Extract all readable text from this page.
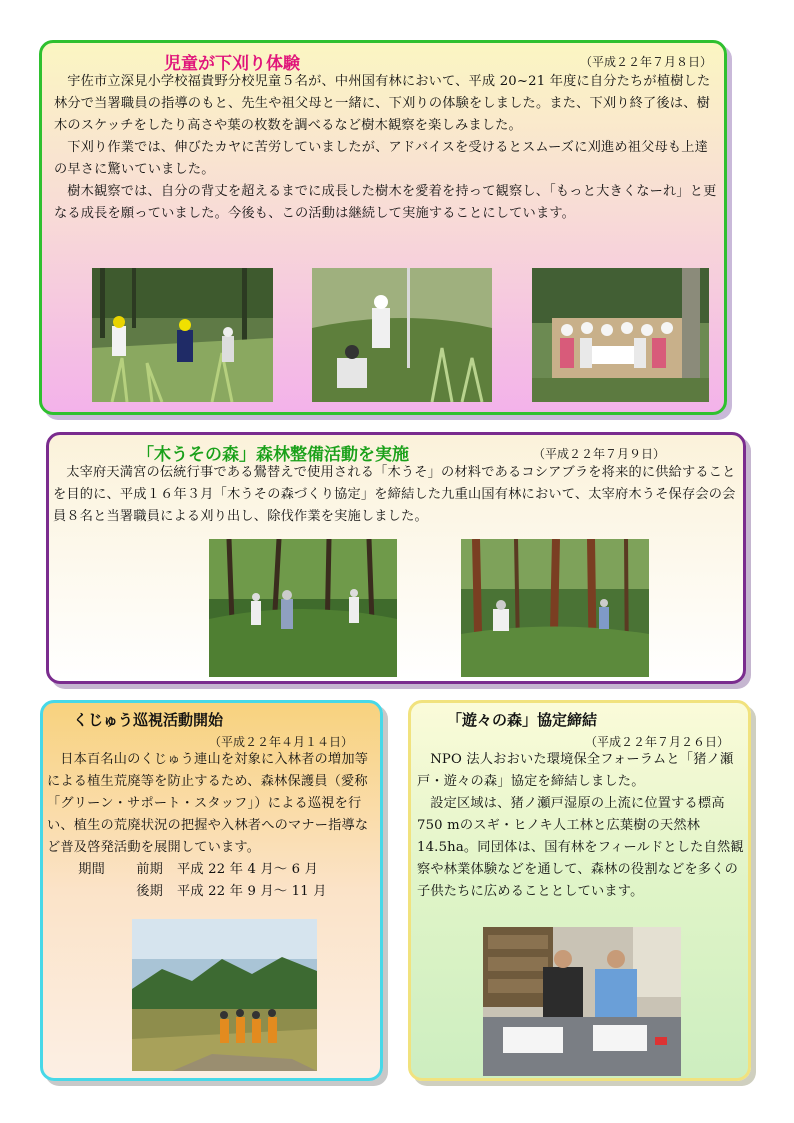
児童が下刈り体験	（平成２２年７月８日）

宇佐市立深見小学校福貴野分校児童５名が、中州国有林において、平成 20~21 年度に自分たちが植樹した林分で当署職員の指導のもと、先生や祖父母と一緒に、下刈りの体験をしました。また、下刈り終了後は、樹木のスケッチをしたり高さや葉の枚数を調べるなど樹木観察を楽しみました。

下刈り作業では、伸びたカヤに苦労していましたが、アドバイスを受けるとスムーズに刈進め祖父母も上達の早さに驚いていました。

樹木観察では、自分の背丈を超えるまでに成長した樹木を愛着を持って観察し、「もっと大きくなーれ」と更なる成長を願っていました。今後も、この活動は継続して実施することにしています。

「木うその森」森林整備活動を実施	（平成２２年７月９日）

太宰府天満宮の伝統行事である鷽替えで使用される「木うそ」の材料であるコシアブラを将来的に供給することを目的に、平成１６年３月「木うその森づくり協定」を締結した九重山国有林において、太宰府木うそ保存会の会員８名と当署職員による刈り出し、除伐作業を実施しました。

くじゅう巡視活動開始
（平成２２年４月１４日）

日本百名山のくじゅう連山を対象に入林者の増加等による植生荒廃等を防止するため、森林保護員（愛称「グリーン・サポート・スタッフ」）による巡視を行い、植生の荒廃状況の把握や入林者へのマナー指導など普及啓発活動を展開しています。

期間	前期 平成 22 年 4 月～ 6 月
後期 平成 22 年 9 月～ 11 月
「遊々の森」協定締結
（平成２２年７月２６日）

NPO 法人おおいた環境保全フォーラムと「猪ノ瀬戸・遊々の森」協定を締結しました。

設定区域は、猪ノ瀬戸湿原の上流に位置する標高 750 mのスギ・ヒノキ人工林と広葉樹の天然林 14.5ha。同団体は、国有林をフィールドとした自然観察や林業体験などを通して、森林の役割などを多くの子供たちに広めることとしています。
